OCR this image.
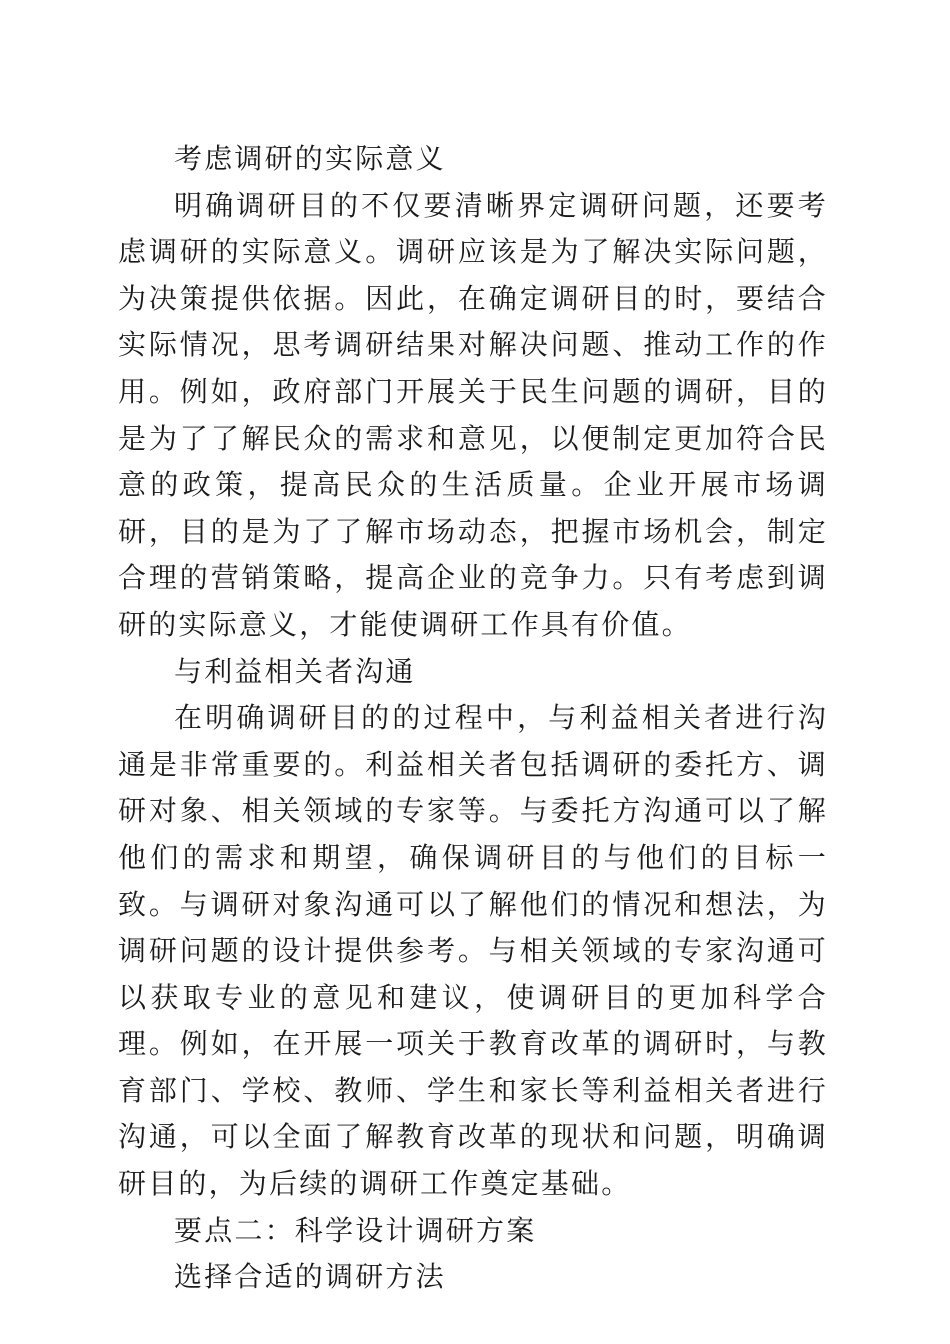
考虑调研的实际意义

明确调研目的不仅要清晰界定调研问题，还要考虑调研的实际意义。调研应该是为了解决实际问题，为决策提供依据。因此，在确定调研目的时，要结合实际情况，思考调研结果对解决问题、推动工作的作用。例如，政府部门开展关于民生问题的调研，目的是为了了解民众的需求和意见，以便制定更加符合民意的政策，提高民众的生活质量。企业开展市场调研，目的是为了了解市场动态，把握市场机会，制定合理的营销策略，提高企业的竞争力。只有考虑到调研的实际意义，才能使调研工作具有价值。

与利益相关者沟通

在明确调研目的的过程中，与利益相关者进行沟通是非常重要的。利益相关者包括调研的委托方、调研对象、相关领域的专家等。与委托方沟通可以了解他们的需求和期望，确保调研目的与他们的目标一致。与调研对象沟通可以了解他们的情况和想法，为调研问题的设计提供参考。与相关领域的专家沟通可以获取专业的意见和建议，使调研目的更加科学合理。例如，在开展一项关于教育改革的调研时，与教育部门、学校、教师、学生和家长等利益相关者进行沟通，可以全面了解教育改革的现状和问题，明确调研目的，为后续的调研工作奠定基础。

要点二：科学设计调研方案
选择合适的调研方法
